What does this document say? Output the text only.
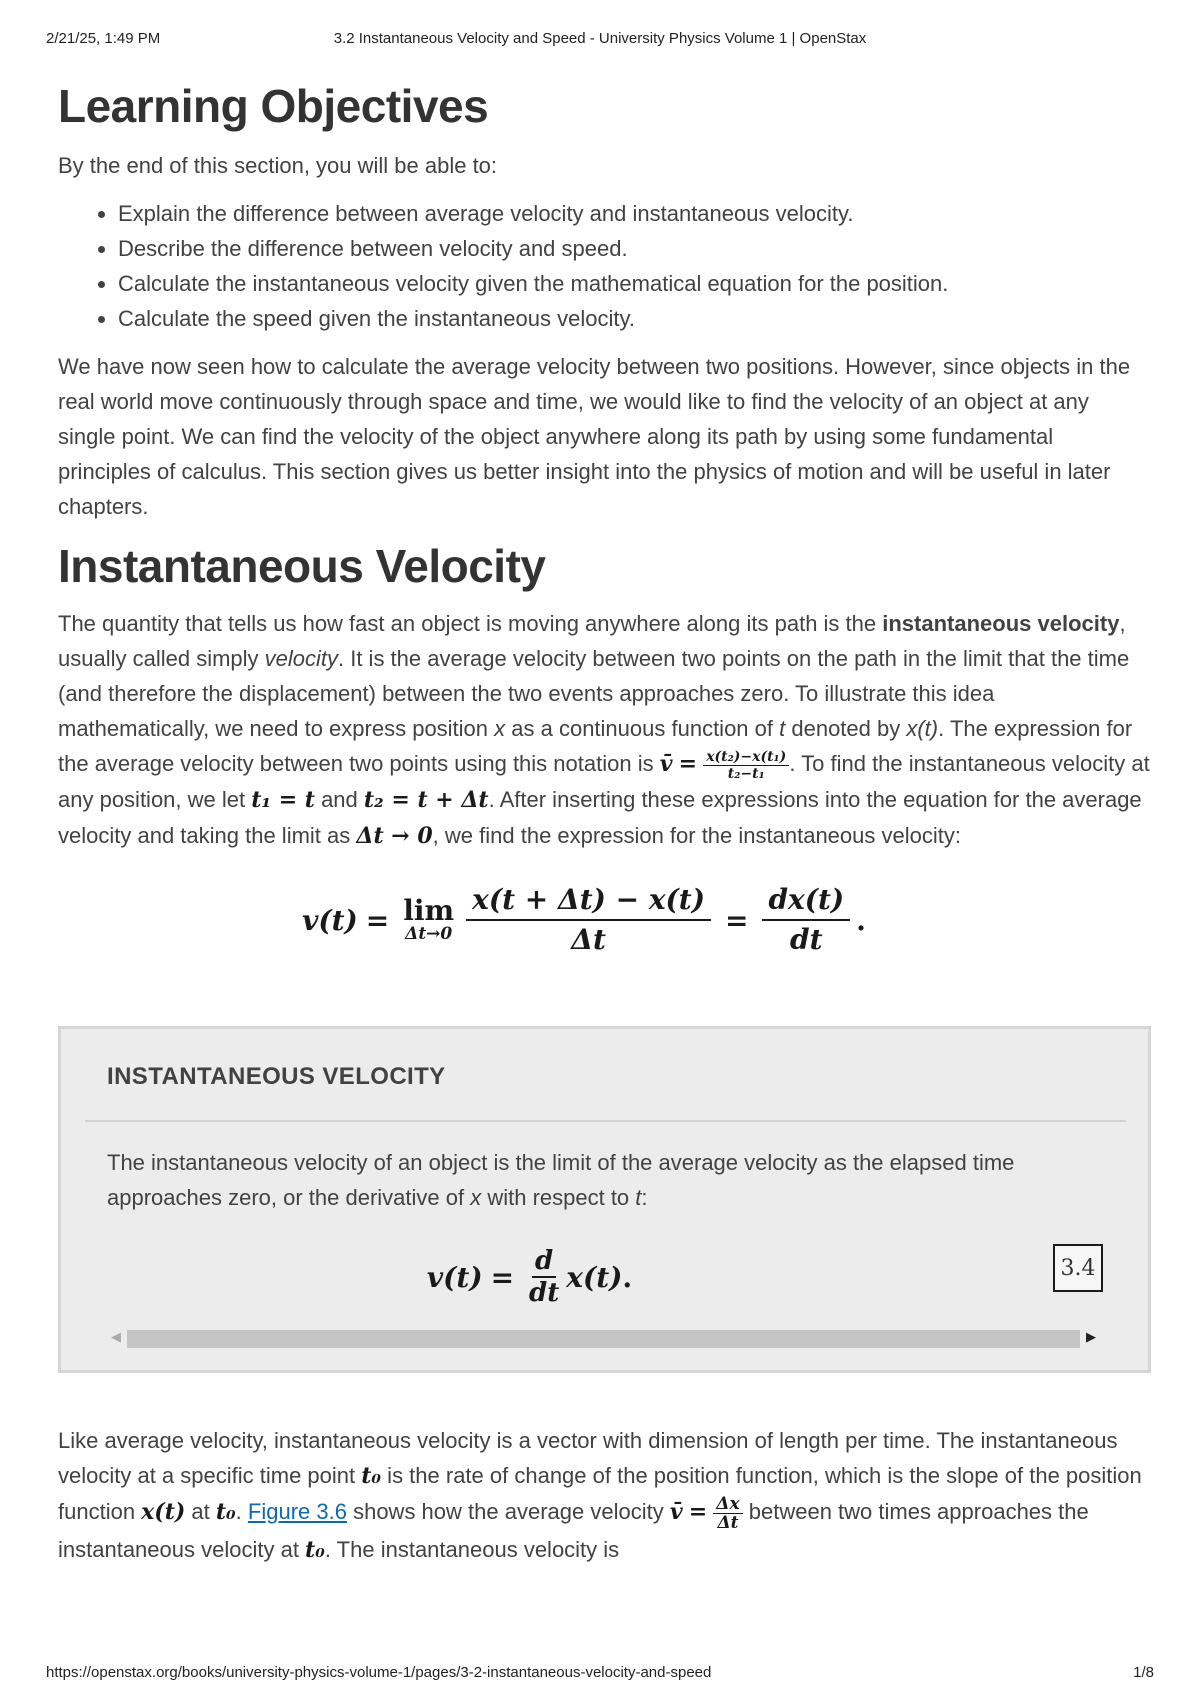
2/21/25, 1:49 PM	3.2 Instantaneous Velocity and Speed - University Physics Volume 1 | OpenStax
Learning Objectives

By the end of this section, you will be able to:

• Explain the difference between average velocity and instantaneous velocity.
• Describe the difference between velocity and speed.
• Calculate the instantaneous velocity given the mathematical equation for the position.
• Calculate the speed given the instantaneous velocity.

We have now seen how to calculate the average velocity between two positions. However, since objects in the real world move continuously through space and time, we would like to find the velocity of an object at any single point. We can find the velocity of the object anywhere along its path by using some fundamental principles of calculus. This section gives us better insight into the physics of motion and will be useful in later chapters.

Instantaneous Velocity

The quantity that tells us how fast an object is moving anywhere along its path is the instantaneous velocity, usually called simply velocity. It is the average velocity between two points on the path in the limit that the time (and therefore the displacement) between the two events approaches zero. To illustrate this idea mathematically, we need to express position x as a continuous function of t denoted by x(t). The expression for the average velocity between two points using this notation is v̄ = $\frac{\text{x(t₂)−x(t₁)}}{\text{t₂−t₁}}$ . To find the instantaneous velocity at any position, we let t₁ = t and t₂ = t + Δt. After inserting these expressions into the equation for the average velocity and taking the limit as Δt → 0, we find the expression for the instantaneous velocity:

v(t) = lim
$\Delta t\to 0 \frac{x(t + \Delta t) - x(t)}{\Delta t} = \frac{dx(t)}{dt}$ .
INSTANTANEOUS VELOCITY
The instantaneous velocity of an object is the limit of the average velocity as the elapsed time approaches zero, or the derivative of x with respect to t:
$v(t) = \frac{d}{dt} x(t)$ .	3.4
◀	▶

Like average velocity, instantaneous velocity is a vector with dimension of length per time. The instantaneous velocity at a specific time point t₀ is the rate of change of the position function, which is the slope of the position function x(t) at t₀. Figure 3.6 shows how the average velocity v̄ = $\frac{\Delta x}{\Delta t}$ between two times approaches the instantaneous velocity at t₀. The instantaneous velocity is

https://openstax.org/books/university-physics-volume-1/pages/3-2-instantaneous-velocity-and-speed	1/8
